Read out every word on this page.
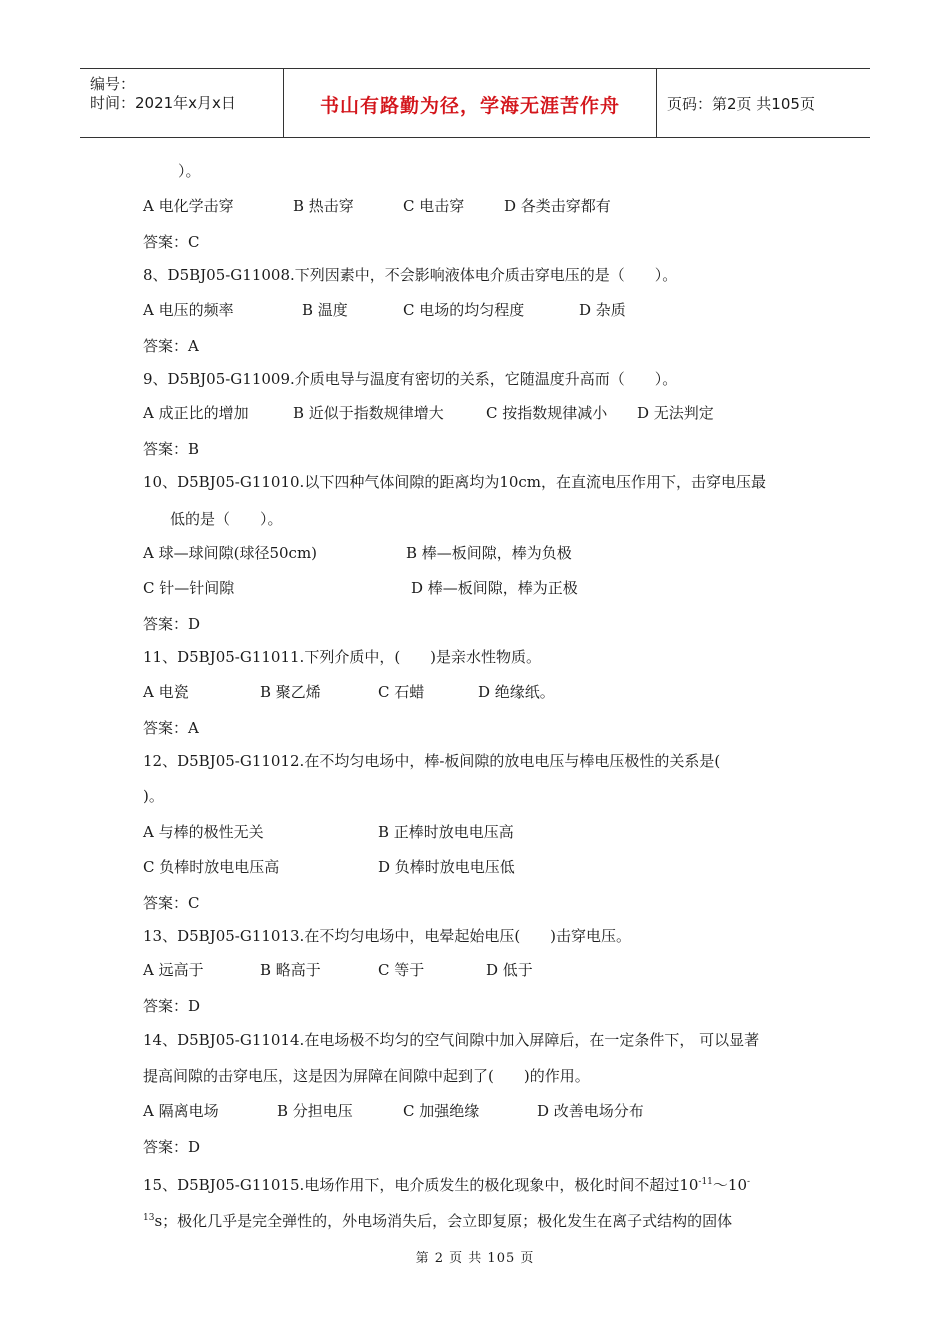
编号：
时间：2021年x月x日	书山有路勤为径，学海无涯苦作舟	页码：第2页 共105页
）。
A 电化学击穿	B 热击穿	C 电击穿	D 各类击穿都有
答案：C
8、D5BJ05-G11008.下列因素中，不会影响液体电介质击穿电压的是（　　）。
A 电压的频率	B 温度	C 电场的均匀程度	D 杂质
答案：A
9、D5BJ05-G11009.介质电导与温度有密切的关系，它随温度升高而（　　）。
A 成正比的增加	B 近似于指数规律增大	C 按指数规律减小 D 无法判定
答案：B
10、D5BJ05-G11010.以下四种气体间隙的距离均为10cm，在直流电压作用下，击穿电压最
低的是（　　）。
A 球—球间隙(球径50cm)	B 棒—板间隙，棒为负极
C 针—针间隙	D 棒—板间隙，棒为正极
答案：D
11、D5BJ05-G11011.下列介质中，(　　)是亲水性物质。
A 电瓷	B 聚乙烯	C 石蜡	D 绝缘纸。
答案：A
12、D5BJ05-G11012.在不均匀电场中，棒-板间隙的放电电压与棒电压极性的关系是(
)。
A 与棒的极性无关	B 正棒时放电电压高
C 负棒时放电电压高	D 负棒时放电电压低
答案：C
13、D5BJ05-G11013.在不均匀电场中，电晕起始电压(　　)击穿电压。
A 远高于	B 略高于	C 等于	D 低于
答案：D
14、D5BJ05-G11014.在电场极不均匀的空气间隙中加入屏障后，在一定条件下， 可以显著
提高间隙的击穿电压，这是因为屏障在间隙中起到了(　　)的作用。
A 隔离电场	B 分担电压	C 加强绝缘	D 改善电场分布
答案：D
15、D5BJ05-G11015.电场作用下，电介质发生的极化现象中，极化时间不超过$10^{-11}\sim 10^-$
$^{13}$s；极化几乎是完全弹性的，外电场消失后，会立即复原；极化发生在离子式结构的固体
第 2 页 共 105 页
